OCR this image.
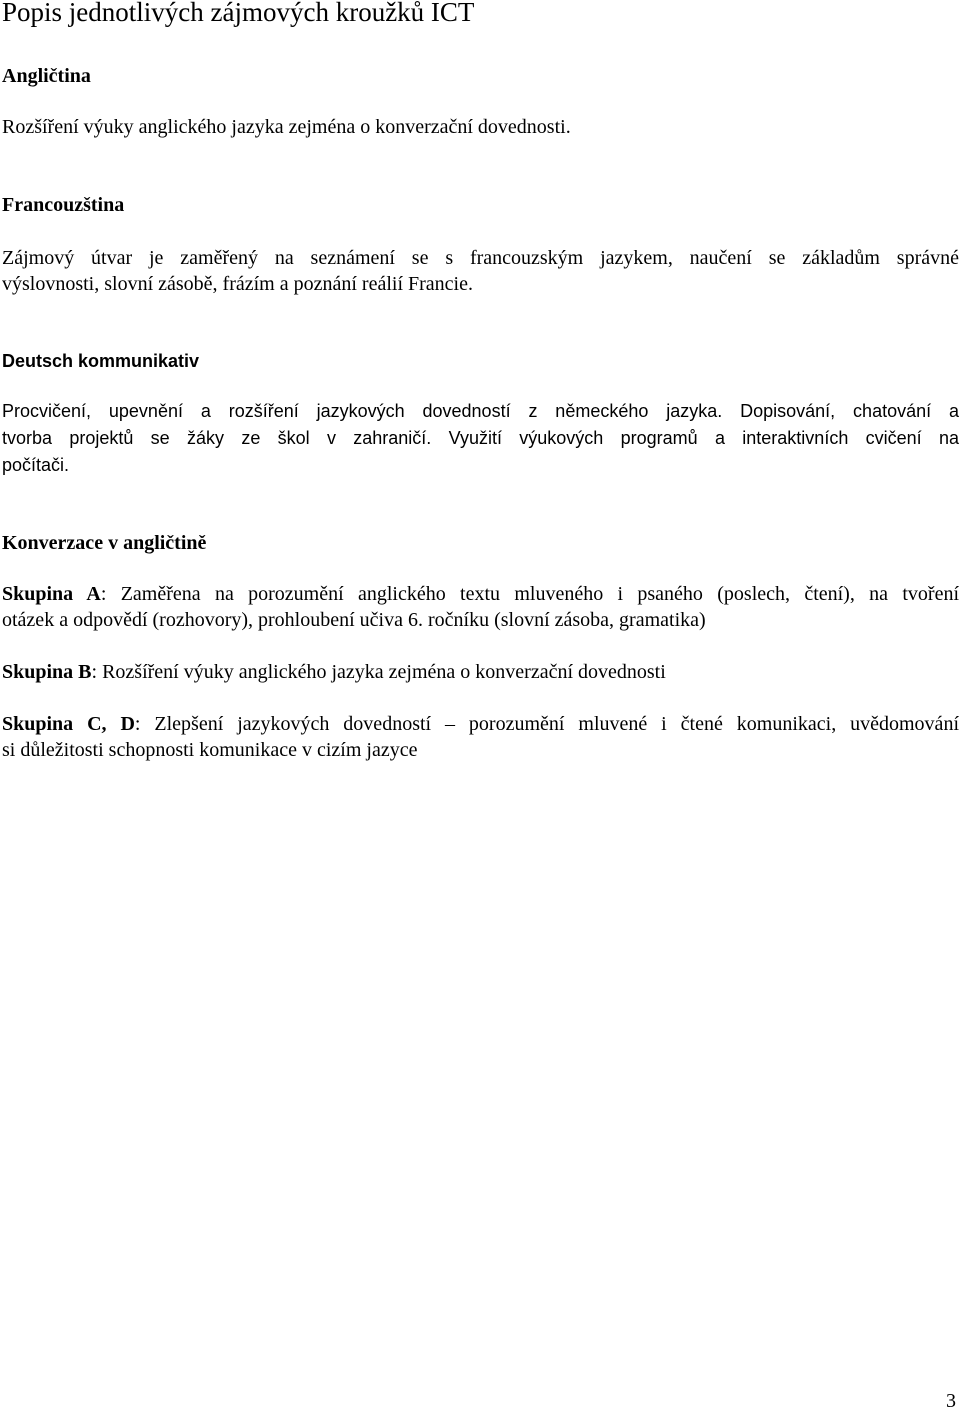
Popis jednotlivých zájmových kroužků ICT
Angličtina

Rozšíření výuky anglického jazyka zejména o konverzační dovednosti.

Francouzština

Zájmový útvar je zaměřený na seznámení se s francouzským jazykem, naučení se základům správné
výslovnosti, slovní zásobě, frázím a poznání reálií Francie.

Deutsch kommunikativ

Procvičení, upevnění a rozšíření jazykových dovedností z německého jazyka. Dopisování, chatování a
tvorba projektů se žáky ze škol v zahraničí. Využití výukových programů a interaktivních cvičení na
počítači.

Konverzace v angličtině

Skupina A: Zaměřena na porozumění anglického textu mluveného i psaného (poslech, čtení), na tvoření
otázek a odpovědí (rozhovory), prohloubení učiva 6. ročníku (slovní zásoba, gramatika)

Skupina B: Rozšíření výuky anglického jazyka zejména o konverzační dovednosti

Skupina C, D: Zlepšení jazykových dovedností – porozumění mluvené i čtené komunikaci, uvědomování
si důležitosti schopnosti komunikace v cizím jazyce

3
